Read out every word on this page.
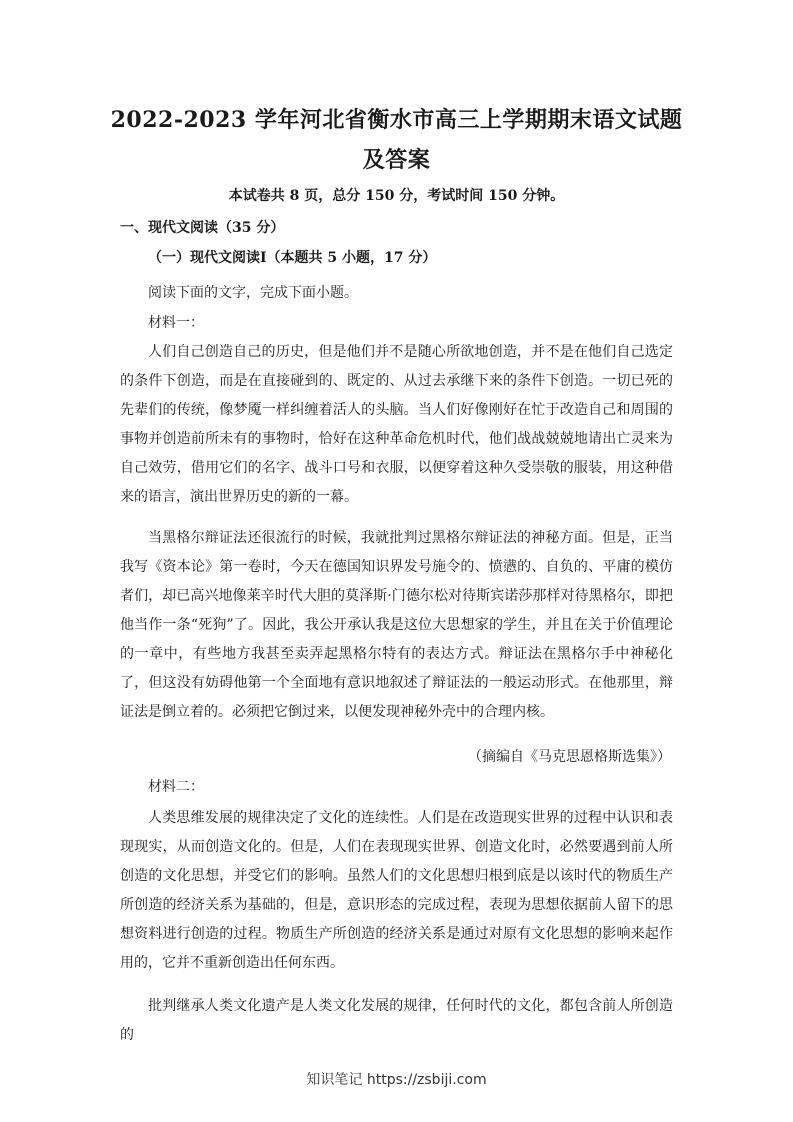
2022-2023 学年河北省衡水市高三上学期期末语文试题及答案
本试卷共 8 页，总分 150 分，考试时间 150 分钟。
一、现代文阅读（35 分）
（一）现代文阅读Ⅰ（本题共 5 小题，17 分）
阅读下面的文字，完成下面小题。
材料一：
人们自己创造自己的历史，但是他们并不是随心所欲地创造，并不是在他们自己选定的条件下创造，而是在直接碰到的、既定的、从过去承继下来的条件下创造。一切已死的先辈们的传统，像梦魇一样纠缠着活人的头脑。当人们好像刚好在忙于改造自己和周围的事物并创造前所未有的事物时，恰好在这种革命危机时代，他们战战兢兢地请出亡灵来为自己效劳，借用它们的名字、战斗口号和衣服，以便穿着这种久受崇敬的服装，用这种借来的语言，演出世界历史的新的一幕。
当黑格尔辩证法还很流行的时候，我就批判过黑格尔辩证法的神秘方面。但是，正当我写《资本论》第一卷时，今天在德国知识界发号施令的、愤懑的、自负的、平庸的模仿者们，却已高兴地像莱辛时代大胆的莫泽斯·门德尔松对待斯宾诺莎那样对待黑格尔，即把他当作一条“死狗”了。因此，我公开承认我是这位大思想家的学生，并且在关于价值理论的一章中，有些地方我甚至卖弄起黑格尔特有的表达方式。辩证法在黑格尔手中神秘化了，但这没有妨碍他第一个全面地有意识地叙述了辩证法的一般运动形式。在他那里，辩证法是倒立着的。必须把它倒过来，以便发现神秘外壳中的合理内核。
（摘编自《马克思恩格斯选集》）
材料二：
人类思维发展的规律决定了文化的连续性。人们是在改造现实世界的过程中认识和表现现实，从而创造文化的。但是，人们在表现现实世界、创造文化时，必然要遇到前人所创造的文化思想，并受它们的影响。虽然人们的文化思想归根到底是以该时代的物质生产所创造的经济关系为基础的，但是，意识形态的完成过程，表现为思想依据前人留下的思想资料进行创造的过程。物质生产所创造的经济关系是通过对原有文化思想的影响来起作用的，它并不重新创造出任何东西。
批判继承人类文化遗产是人类文化发展的规律，任何时代的文化，都包含前人所创造的
知识笔记 https://zsbiji.com
